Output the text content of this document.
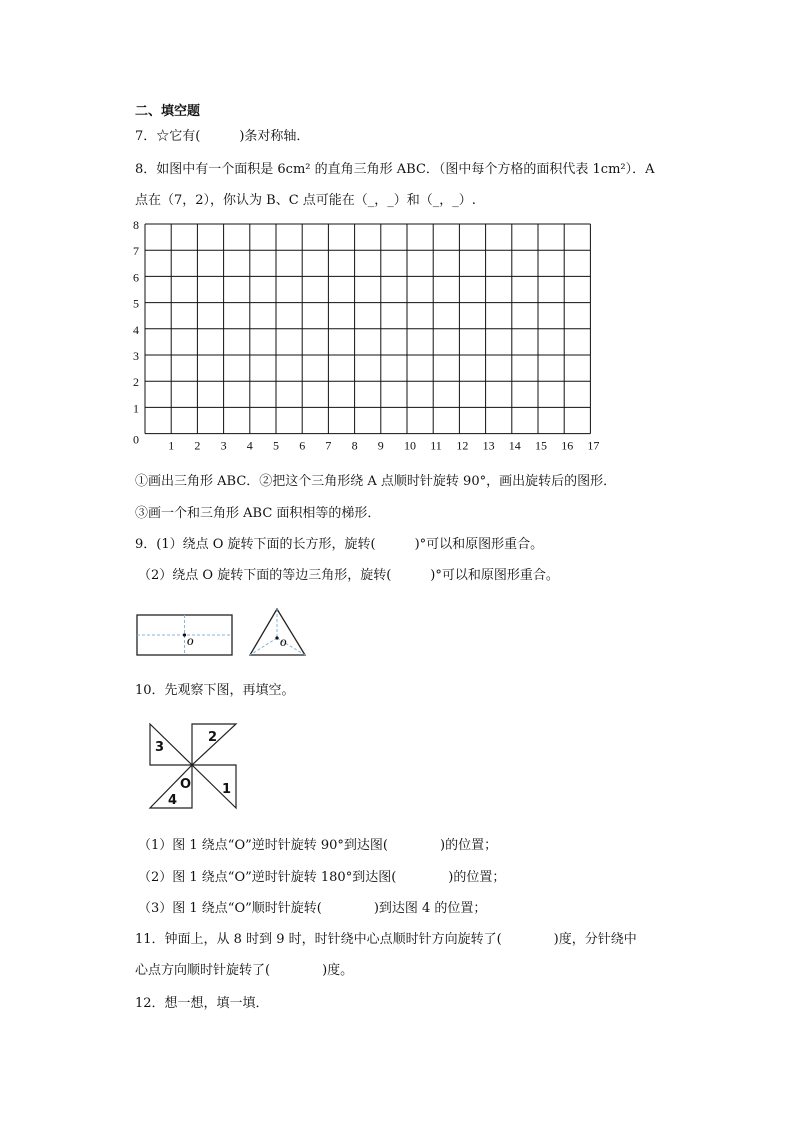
二、填空题
7．☆它有(　　　)条对称轴．
8．如图中有一个面积是 6cm² 的直角三角形 ABC．（图中每个方格的面积代表 1cm²）．A
点在（7，2），你认为 B、C 点可能在（_，_）和（_，_）.
0 1 2 3 4 5 6 7 8 9 10 11 12 13 14 15 16 17
1
2
3
4
5
6
7
8
①画出三角形 ABC．②把这个三角形绕 A 点顺时针旋转 90°，画出旋转后的图形．
③画一个和三角形 ABC 面积相等的梯形．
9．(1）绕点 O 旋转下面的长方形，旋转(　　　)°可以和原图形重合。
（2）绕点 O 旋转下面的等边三角形，旋转(　　　)°可以和原图形重合。
O	O
10．先观察下图，再填空。
1
2
3
4
O
（1）图 1 绕点“O”逆时针旋转 90°到达图(　　　　)的位置；
（2）图 1 绕点“O”逆时针旋转 180°到达图(　　　　)的位置；
（3）图 1 绕点“O”顺时针旋转(　　　　)到达图 4 的位置；
11．钟面上，从 8 时到 9 时，时针绕中心点顺时针方向旋转了(　　　　)度，分针绕中
心点方向顺时针旋转了(　　　　)度。
12．想一想，填一填．
